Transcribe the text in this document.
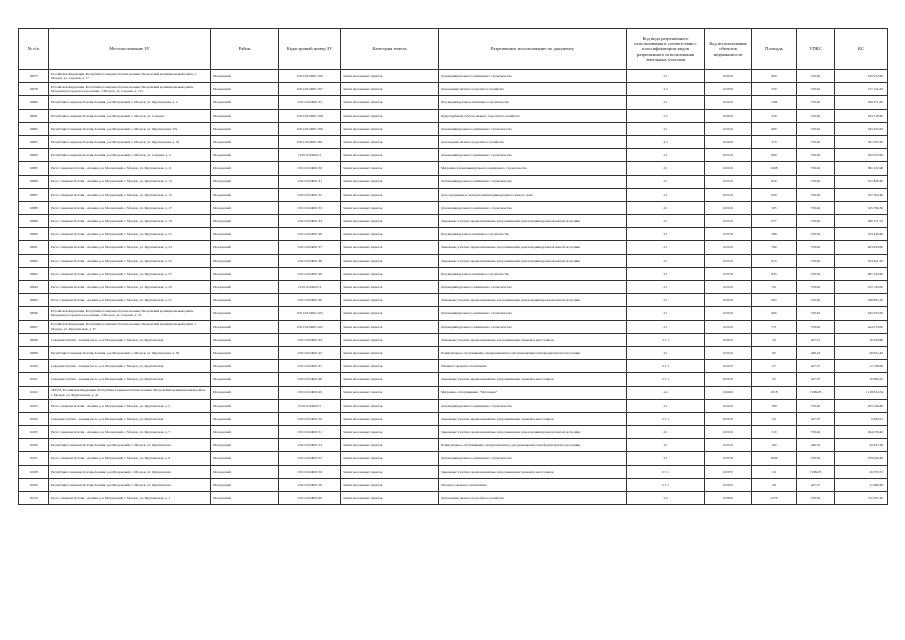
№ п/п	Местоположение ЗУ	Район	Кадастровый номер ЗУ	Категория земель	Разрешенное использование по документу	Код вида разрешенного использования в соответствии с классификатором видов разрешенного использования земельных участков	Код использования объектов недвижимости	Площадь	УПКС	КС
10075	Российская Федерация, Республика Северная Осетия-Алания, Моздокский муниципальный район, г. Моздок, ул. Садовая, д. 17	Моздокский	15:01:0124001:356	Земли населенных пунктов	Для индивидуального жилищного строительства	2.1	02:010	600	576,62	345 972,00
10078	Российская Федерация, Республика Северная Осетия-Алания, Моздокский муниципальный район, Моздокское городское поселение, г. Моздок, ул. Садовая, д. 17а	Моздокский	15:01:0124001:357	Земли населенных пунктов	Для ведения личного подсобного хозяйства	2.2	02:020	550	576,62	317 141,00
10080	Республика Северная Осетия-Алания, р-н Моздокский, г. Моздок, ул. Фрунзенская, д. 2	Моздокский	15:01:0124001:35	Земли населенных пунктов	Под индивидуальное жилищное строительство	2.1	02:010	1109	576,62	639 471,00
10081	Республика Северная Осетия-Алания, р-н Моздокский, г. Моздок, ул. Садовая	Моздокский	15:01:0124001:358	Земли населенных пунктов	Приусадебный участок личного подсобного хозяйства	2.2	02:020	320	576,62	184 518,40
10082	Республика Северная Осетия-Алания, р-н Моздокский, г. Моздок, ул. Фрунзенская, 33а	Моздокский	15:01:0124001:359	Земли населенных пунктов	Для индивидуального жилищного строительства	2.1	02:010	600	576,62	345 972,00
10083	Республика Северная Осетия-Алания, р-н Моздокский, г. Моздок, ул. Фрунзенская, д. 35	Моздокский	15:01:0124001:361	Земли населенных пунктов	Для ведения личного подсобного хозяйства	2.2	02:020	315	576,62	181 635,30
10084	Республика Северная Осетия-Алания, р-н Моздокский, г. Моздок, ул. Садовая, д. 4	Моздокский	15:01:0124001:3	Земли населенных пунктов	Для индивидуального жилищного строительства	2.1	02:010	600	576,62	345 972,00
10085	Респ. Северная Осетия - Алания, р-н Моздокский, г. Моздок, ул. Фрунзенская, д. 11	Моздокский	15:01:0124001:30	Земли населенных пунктов	Магазины для индивидуального жилищного строительства	2.1	02:010	1008	576,62	581 232,96
10086	Респ. Северная Осетия - Алания, р-н Моздокский, г. Моздок, ул. Фрунзенская, д. 13	Моздокский	15:01:0124001:31	Земли населенных пунктов	Для индивидуального жилищного строительства	2.1	02:010	820	576,62	472 828,40
10087	Респ. Северная Осетия - Алания, р-н Моздокский, г. Моздок, ул. Фрунзенская, д. 15	Моздокский	15:01:0124001:32	Земли населенных пунктов	Для содержания и эксплуатации индивидуального жилого дома	2.1	02:010	620	576,62	357 504,40
10088	Респ. Северная Осетия - Алания, р-н Моздокский, г. Моздок, ул. Фрунзенская, д. 17	Моздокский	15:01:0124001:33	Земли населенных пунктов	Для индивидуального жилищного строительства	2.1	02:010	565	576,62	325 790,30
10089	Респ. Северная Осетия - Алания, р-н Моздокский, г. Моздок, ул. Фрунзенская, д. 19	Моздокский	15:01:0124001:34	Земли населенных пунктов	Земельные участки, предназначенные для размещения домов индивидуальной жилой застройки	2.1	02:010	677	576,62	390 371,74
10090	Респ. Северная Осетия - Алания, р-н Моздокский, г. Моздок, ул. Фрунзенская, д. 21	Моздокский	15:01:0124001:36	Земли населенных пунктов	Под индивидуальное жилищное строительство	2.1	02:010	580	576,62	334 439,60
10091	Респ. Северная Осетия - Алания, р-н Моздокский, г. Моздок, ул. Фрунзенская, д. 23	Моздокский	15:01:0124001:37	Земли населенных пунктов	Земельные участки, предназначенные для размещения домов индивидуальной жилой застройки	2.1	02:010	700	576,62	403 634,00
10092	Респ. Северная Осетия - Алания, р-н Моздокский, г. Моздок, ул. Фрунзенская, д. 25	Моздокский	15:01:0124001:38	Земли населенных пунктов	Земельные участки, предназначенные для размещения домов индивидуальной жилой застройки	2.1	02:010	615	576,62	354 621,30
10093	Респ. Северная Осетия - Алания, р-н Моздокский, г. Моздок, ул. Фрунзенская, д. 27	Моздокский	15:01:0124001:39	Земли населенных пунктов	Под индивидуальное жилищное строительство	2.1	02:010	845	576,62	487 243,90
10094	Респ. Северная Осетия - Алания, р-н Моздокский, г. Моздок, ул. Фрунзенская, д. 29	Моздокский	15:01:0124001:4	Земли населенных пунктов	Для индивидуального жилищного строительства	2.1	02:010	721	576,62	415 743,02
10095	Респ. Северная Осетия - Алания, р-н Моздокский, г. Моздок, ул. Фрунзенская, д. 31	Моздокский	15:01:0124001:40	Земли населенных пунктов	Земельные участки, предназначенные для размещения домов индивидуальной жилой застройки	2.1	02:010	605	576,62	348 855,10
10096	Российская Федерация, Республика Северная Осетия-Алания, Моздокский муниципальный район, Моздокское городское поселение, г. Моздок, ул. Садовая, д. 16	Моздокский	15:01:0124001:423	Земли населенных пунктов	Для индивидуального жилищного строительства	2.1	02:010	600	576,62	345 972,00
10097	Российская Федерация, Республика Северная Осетия-Алания, Моздокский муниципальный район, г. Моздок, ул. Фрунзенская, д. 37	Моздокский	15:01:0124001:425	Земли населенных пунктов	Для индивидуального жилищного строительства	2.1	02:010	771	576,62	444 574,02
10098	Северная Осетия - Алания респ., р-н Моздокский, г. Моздок, ул. Фрунзенская	Моздокский	15:01:0124001:44	Земли населенных пунктов	Земельные участки, предназначенные для размещения гаражей и автостоянок	2.7.1	02:070	24	427,37	10 256,88
10099	Республика Северная Осетия-Алания, р-н Моздокский, г. Моздок, ул. Фрунзенская, д. 39	Моздокский	15:01:0124001:45	Земли населенных пунктов	Коммунальное обслуживание, предназначенное для размещения трансформаторной подстанции	3.1	03:010	60	449,19	26 951,40
10100	Северная Осетия - Алания респ., р-н Моздокский, г. Моздок, ул. Фрунзенская	Моздокский	15:01:0124001:47	Земли населенных пунктов	Объекты гаражного назначения	2.7.1	02:070	27	427,37	11 538,99
10101	Северная Осетия - Алания респ., р-н Моздокский, г. Моздок, ул. Фрунзенская	Моздокский	15:01:0124001:48	Земли населенных пунктов	Земельные участки, предназначенные для размещения гаражей и автостоянок	2.7.1	02:070	25	427,37	10 684,25
10102	363753, Российская Федерация, Республика Северная Осетия-Алания, Моздокский муниципальный район, г. Моздок, ул. Фрунзенская, д. 41	Моздокский	15:01:0124001:49	Земли населенных пунктов	Магазины, обслуживание, "Магазины"	4.4	04:040	1018	1 099,03	1 118 812,54
10103	Респ. Северная Осетия - Алания, р-н Моздокский, г. Моздок, ул. Фрунзенская, д. 5	Моздокский	15:01:0124001:5	Земли населенных пунктов	Для индивидуального жилищного строительства	2.1	02:010	790	576,62	455 529,80
10104	Северная Осетия - Алания респ., р-н Моздокский, г. Моздок, ул. Фрунзенская	Моздокский	15:01:0124001:50	Земли населенных пунктов	Земельные участки, предназначенные для размещения гаражей и автостоянок	2.7.1	02:070	23	427,37	9 829,51
10105	Респ. Северная Осетия - Алания, р-н Моздокский, г. Моздок, ул. Фрунзенская, д. 7	Моздокский	15:01:0124001:51	Земли населенных пунктов	Земельные участки, предназначенные для размещения домов индивидуальной жилой застройки	2.1	02:010	510	576,62	294 076,20
10106	Республика Северная Осетия-Алания, р-н Моздокский, г. Моздок, ул. Фрунзенская	Моздокский	15:01:0124001:53	Земли населенных пунктов	Коммунальное обслуживание, предназначенное для размещения трансформаторной подстанции	3.1	03:010	102	449,19	45 817,38
10107	Респ. Северная Осетия - Алания, р-н Моздокский, г. Моздок, ул. Фрунзенская, д. 9	Моздокский	15:01:0124001:55	Земли населенных пунктов	Для индивидуального жилищного строительства	2.1	02:010	1004	576,62	578 926,48
10108	Республика Северная Осетия-Алания, р-н Моздокский, г. Моздок, ул. Фрунзенская	Моздокский	15:01:0124001:56	Земли населенных пунктов	Земельные участки, предназначенные для размещения гаражей и автостоянок	2.7.1	02:070	24	1 099,03	26 376,72
10109	Республика Северная Осетия-Алания, р-н Моздокский, г. Моздок, ул. Фрунзенская	Моздокский	15:01:0124001:59	Земли населенных пунктов	Объекты гаражного назначения	2.7.1	02:070	28	427,37	11 966,36
10110	Респ. Северная Осетия - Алания, р-н Моздокский, г. Моздок, ул. Фрунзенская, д. 1	Моздокский	15:01:0124001:60	Земли населенных пунктов	Для ведения личного подсобного хозяйства	2.2	02:020	1270	576,62	732 307,40
